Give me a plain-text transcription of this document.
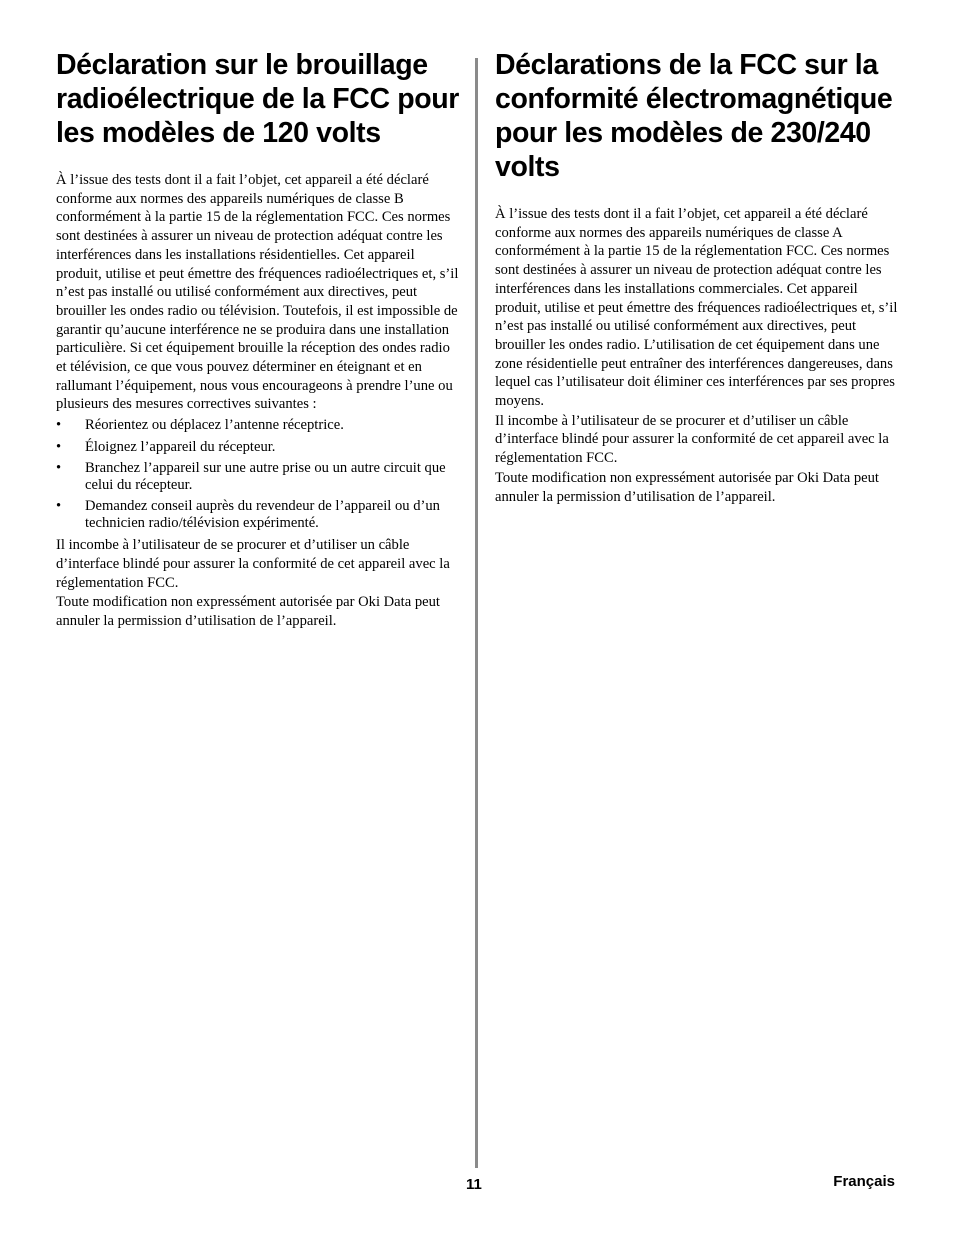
Déclaration sur le brouillage radioélectrique de la FCC pour les modèles de 120 volts

À l’issue des tests dont il a fait l’objet, cet appareil a été déclaré conforme aux normes des appareils numériques de classe B conformément à la partie 15 de la réglementation FCC. Ces normes sont destinées à assurer un niveau de protection adéquat contre les interférences dans les installations résidentielles. Cet appareil produit, utilise et peut émettre des fréquences radioélectriques et, s’il n’est pas installé ou utilisé conformément aux directives, peut brouiller les ondes radio ou télévision. Toutefois, il est impossible de garantir qu’aucune interférence ne se produira dans une installation particulière. Si cet équipement brouille la réception des ondes radio et télévision, ce que vous pouvez déterminer en éteignant et en rallumant l’équipement, nous vous encourageons à prendre l’une ou plusieurs des mesures correctives suivantes :

• Réorientez ou déplacez l’antenne réceptrice.
• Éloignez l’appareil du récepteur.
• Branchez l’appareil sur une autre prise ou un autre circuit que celui du récepteur.
• Demandez conseil auprès du revendeur de l’appareil ou d’un technicien radio/télévision expérimenté.

Il incombe à l’utilisateur de se procurer et d’utiliser un câble d’interface blindé pour assurer la conformité de cet appareil avec la réglementation FCC.

Toute modification non expressément autorisée par Oki Data peut annuler la permission d’utilisation de l’appareil.

Déclarations de la FCC sur la conformité électromagnétique pour les modèles de 230/240 volts

À l’issue des tests dont il a fait l’objet, cet appareil a été déclaré conforme aux normes des appareils numériques de classe A conformément à la partie 15 de la réglementation FCC. Ces normes sont destinées à assurer un niveau de protection adéquat contre les interférences dans les installations commerciales. Cet appareil produit, utilise et peut émettre des fréquences radioélectriques et, s’il n’est pas installé ou utilisé conformément aux directives, peut brouiller les ondes radio. L’utilisation de cet équipement dans une zone résidentielle peut entraîner des interférences dangereuses, dans lequel cas l’utilisateur doit éliminer ces interférences par ses propres moyens.

Il incombe à l’utilisateur de se procurer et d’utiliser un câble d’interface blindé pour assurer la conformité de cet appareil avec la réglementation FCC.

Toute modification non expressément autorisée par Oki Data peut annuler la permission d’utilisation de l’appareil.

11	Français
